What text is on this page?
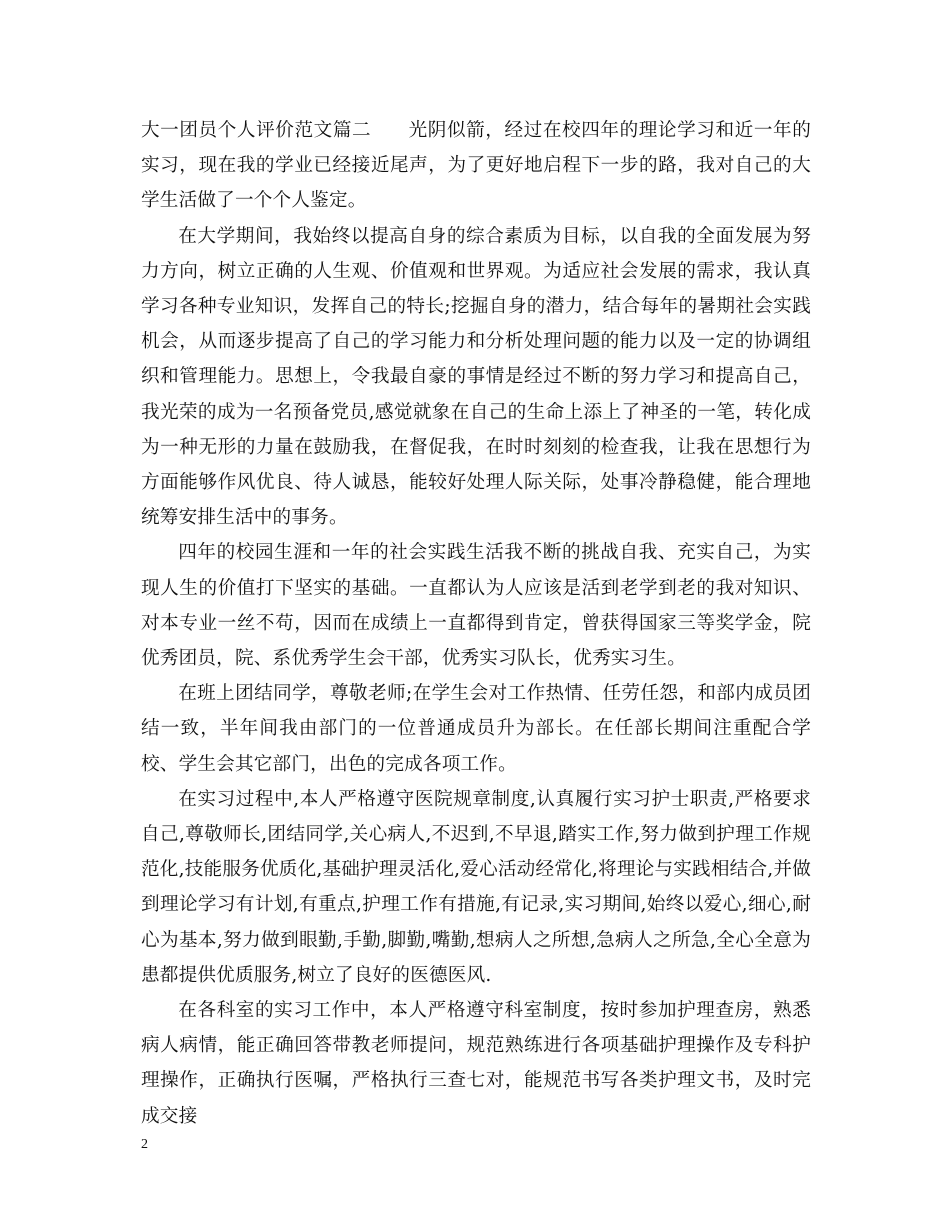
大一团员个人评价范文篇二 光阴似箭，经过在校四年的理论学习和近一年的实习，现在我的学业已经接近尾声，为了更好地启程下一步的路，我对自己的大学生活做了一个个人鉴定。

在大学期间，我始终以提高自身的综合素质为目标，以自我的全面发展为努力方向，树立正确的人生观、价值观和世界观。为适应社会发展的需求，我认真学习各种专业知识，发挥自己的特长;挖掘自身的潜力，结合每年的暑期社会实践机会，从而逐步提高了自己的学习能力和分析处理问题的能力以及一定的协调组织和管理能力。思想上，令我最自豪的事情是经过不断的努力学习和提高自己，我光荣的成为一名预备党员,感觉就象在自己的生命上添上了神圣的一笔，转化成为一种无形的力量在鼓励我，在督促我，在时时刻刻的检查我，让我在思想行为方面能够作风优良、待人诚恳，能较好处理人际关际，处事冷静稳健，能合理地统筹安排生活中的事务。

四年的校园生涯和一年的社会实践生活我不断的挑战自我、充实自己，为实现人生的价值打下坚实的基础。一直都认为人应该是活到老学到老的我对知识、对本专业一丝不苟，因而在成绩上一直都得到肯定，曾获得国家三等奖学金，院优秀团员，院、系优秀学生会干部，优秀实习队长，优秀实习生。

在班上团结同学，尊敬老师;在学生会对工作热情、任劳任怨，和部内成员团结一致，半年间我由部门的一位普通成员升为部长。在任部长期间注重配合学校、学生会其它部门，出色的完成各项工作。

在实习过程中,本人严格遵守医院规章制度,认真履行实习护士职责,严格要求自己,尊敬师长,团结同学,关心病人,不迟到,不早退,踏实工作,努力做到护理工作规范化,技能服务优质化,基础护理灵活化,爱心活动经常化,将理论与实践相结合,并做到理论学习有计划,有重点,护理工作有措施,有记录,实习期间,始终以爱心,细心,耐心为基本,努力做到眼勤,手勤,脚勤,嘴勤,想病人之所想,急病人之所急,全心全意为患都提供优质服务,树立了良好的医德医风.

在各科室的实习工作中，本人严格遵守科室制度，按时参加护理查房，熟悉病人病情，能正确回答带教老师提问，规范熟练进行各项基础护理操作及专科护理操作，正确执行医嘱，严格执行三查七对，能规范书写各类护理文书，及时完成交接

2
